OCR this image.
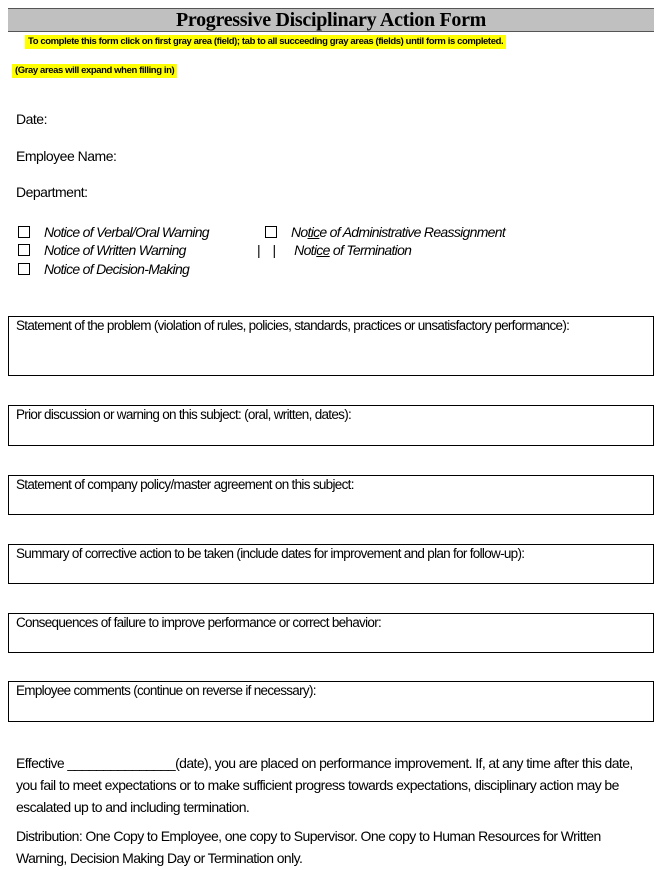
Progressive Disciplinary Action Form
To complete this form click on first gray area (field); tab to all succeeding gray areas (fields) until form is completed.
(Gray areas will expand when filling in)
Date:
Employee Name:
Department:
Notice of Verbal/Oral Warning
Notice of Written Warning
Notice of Decision-Making
Notice of Administrative Reassignment
| | Notice of Termination
Statement of the problem (violation of rules, policies, standards, practices or unsatisfactory performance):
Prior discussion or warning on this subject: (oral, written, dates):
Statement of company policy/master agreement on this subject:
Summary of corrective action to be taken (include dates for improvement and plan for follow-up):
Consequences of failure to improve performance or correct behavior:
Employee comments (continue on reverse if necessary):
Effective _______________(date), you are placed on performance improvement. If, at any time after this date, you fail to meet expectations or to make sufficient progress towards expectations, disciplinary action may be escalated up to and including termination.
Distribution: One Copy to Employee, one copy to Supervisor. One copy to Human Resources for Written Warning, Decision Making Day or Termination only.
